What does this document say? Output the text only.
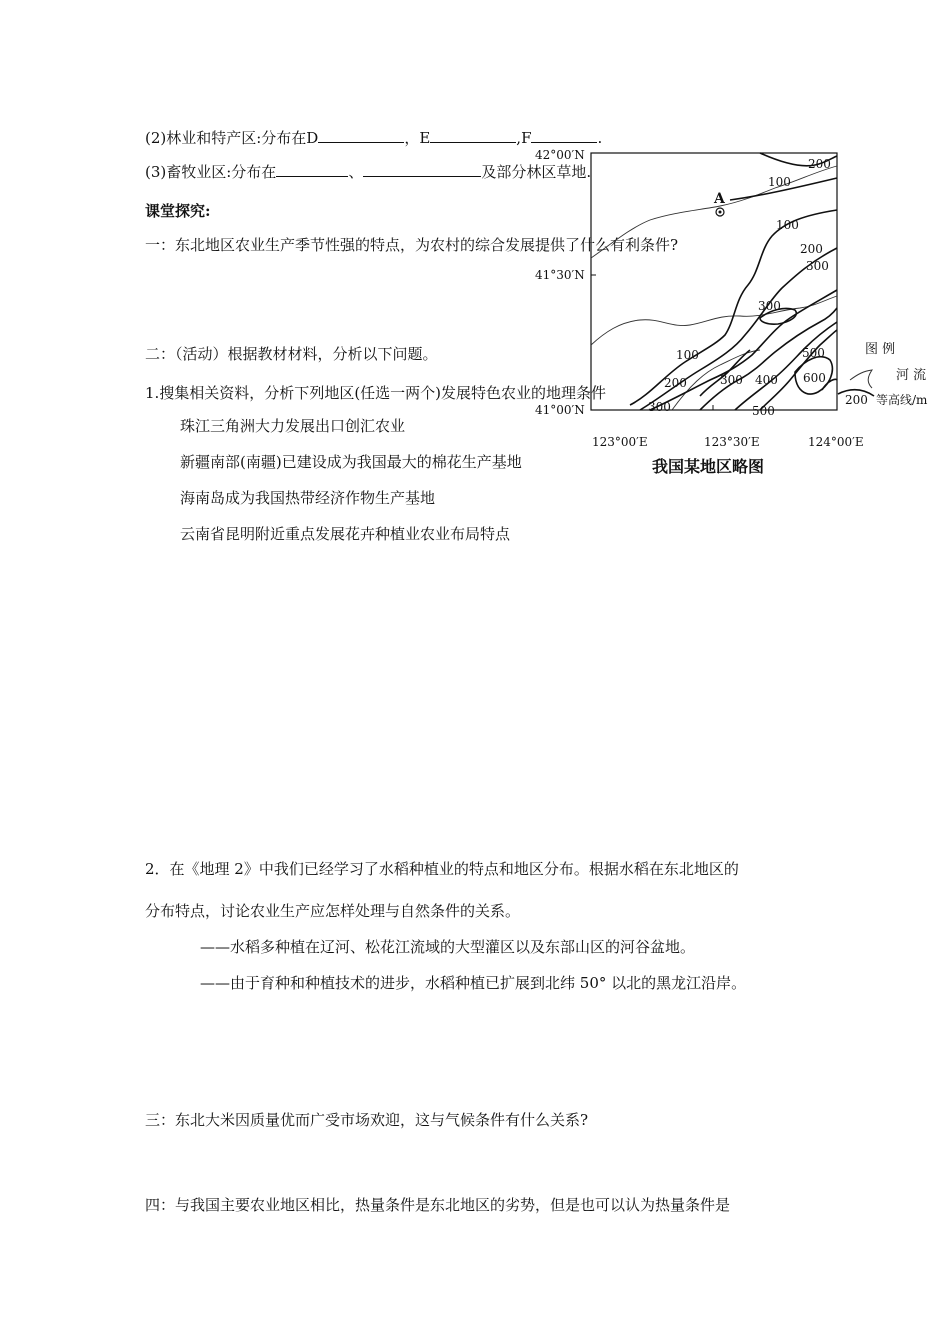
(2)林业和特产区:分布在D	，E	,F	.
(3)畜牧业区:分布在	、	及部分林区草地.
课堂探究:
一：东北地区农业生产季节性强的特点，为农村的综合发展提供了什么有利条件?
二：（活动）根据教材材料，分析以下问题。
1.搜集相关资料，分析下列地区(任选一两个)发展特色农业的地理条件
珠江三角洲大力发展出口创汇农业
新疆南部(南疆)已建设成为我国最大的棉花生产基地
海南岛成为我国热带经济作物生产基地
云南省昆明附近重点发展花卉种植业农业布局特点
2．在《地理 2》中我们已经学习了水稻种植业的特点和地区分布。根据水稻在东北地区的
分布特点，讨论农业生产应怎样处理与自然条件的关系。
——水稻多种植在辽河、松花江流域的大型灌区以及东部山区的河谷盆地。
——由于育种和种植技术的进步，水稻种植已扩展到北纬 50° 以北的黑龙江沿岸。
三：东北大米因质量优而广受市场欢迎，这与气候条件有什么关系?
四：与我国主要农业地区相比，热量条件是东北地区的劣势，但是也可以认为热量条件是
A
42°00′N
41°30′N
41°00′N
123°00′E	123°30′E	124°00′E
200
100
100
200
300
300
100
200	300 400
500
600
300	500
图 例
河 流
200 等高线/m
我国某地区略图
